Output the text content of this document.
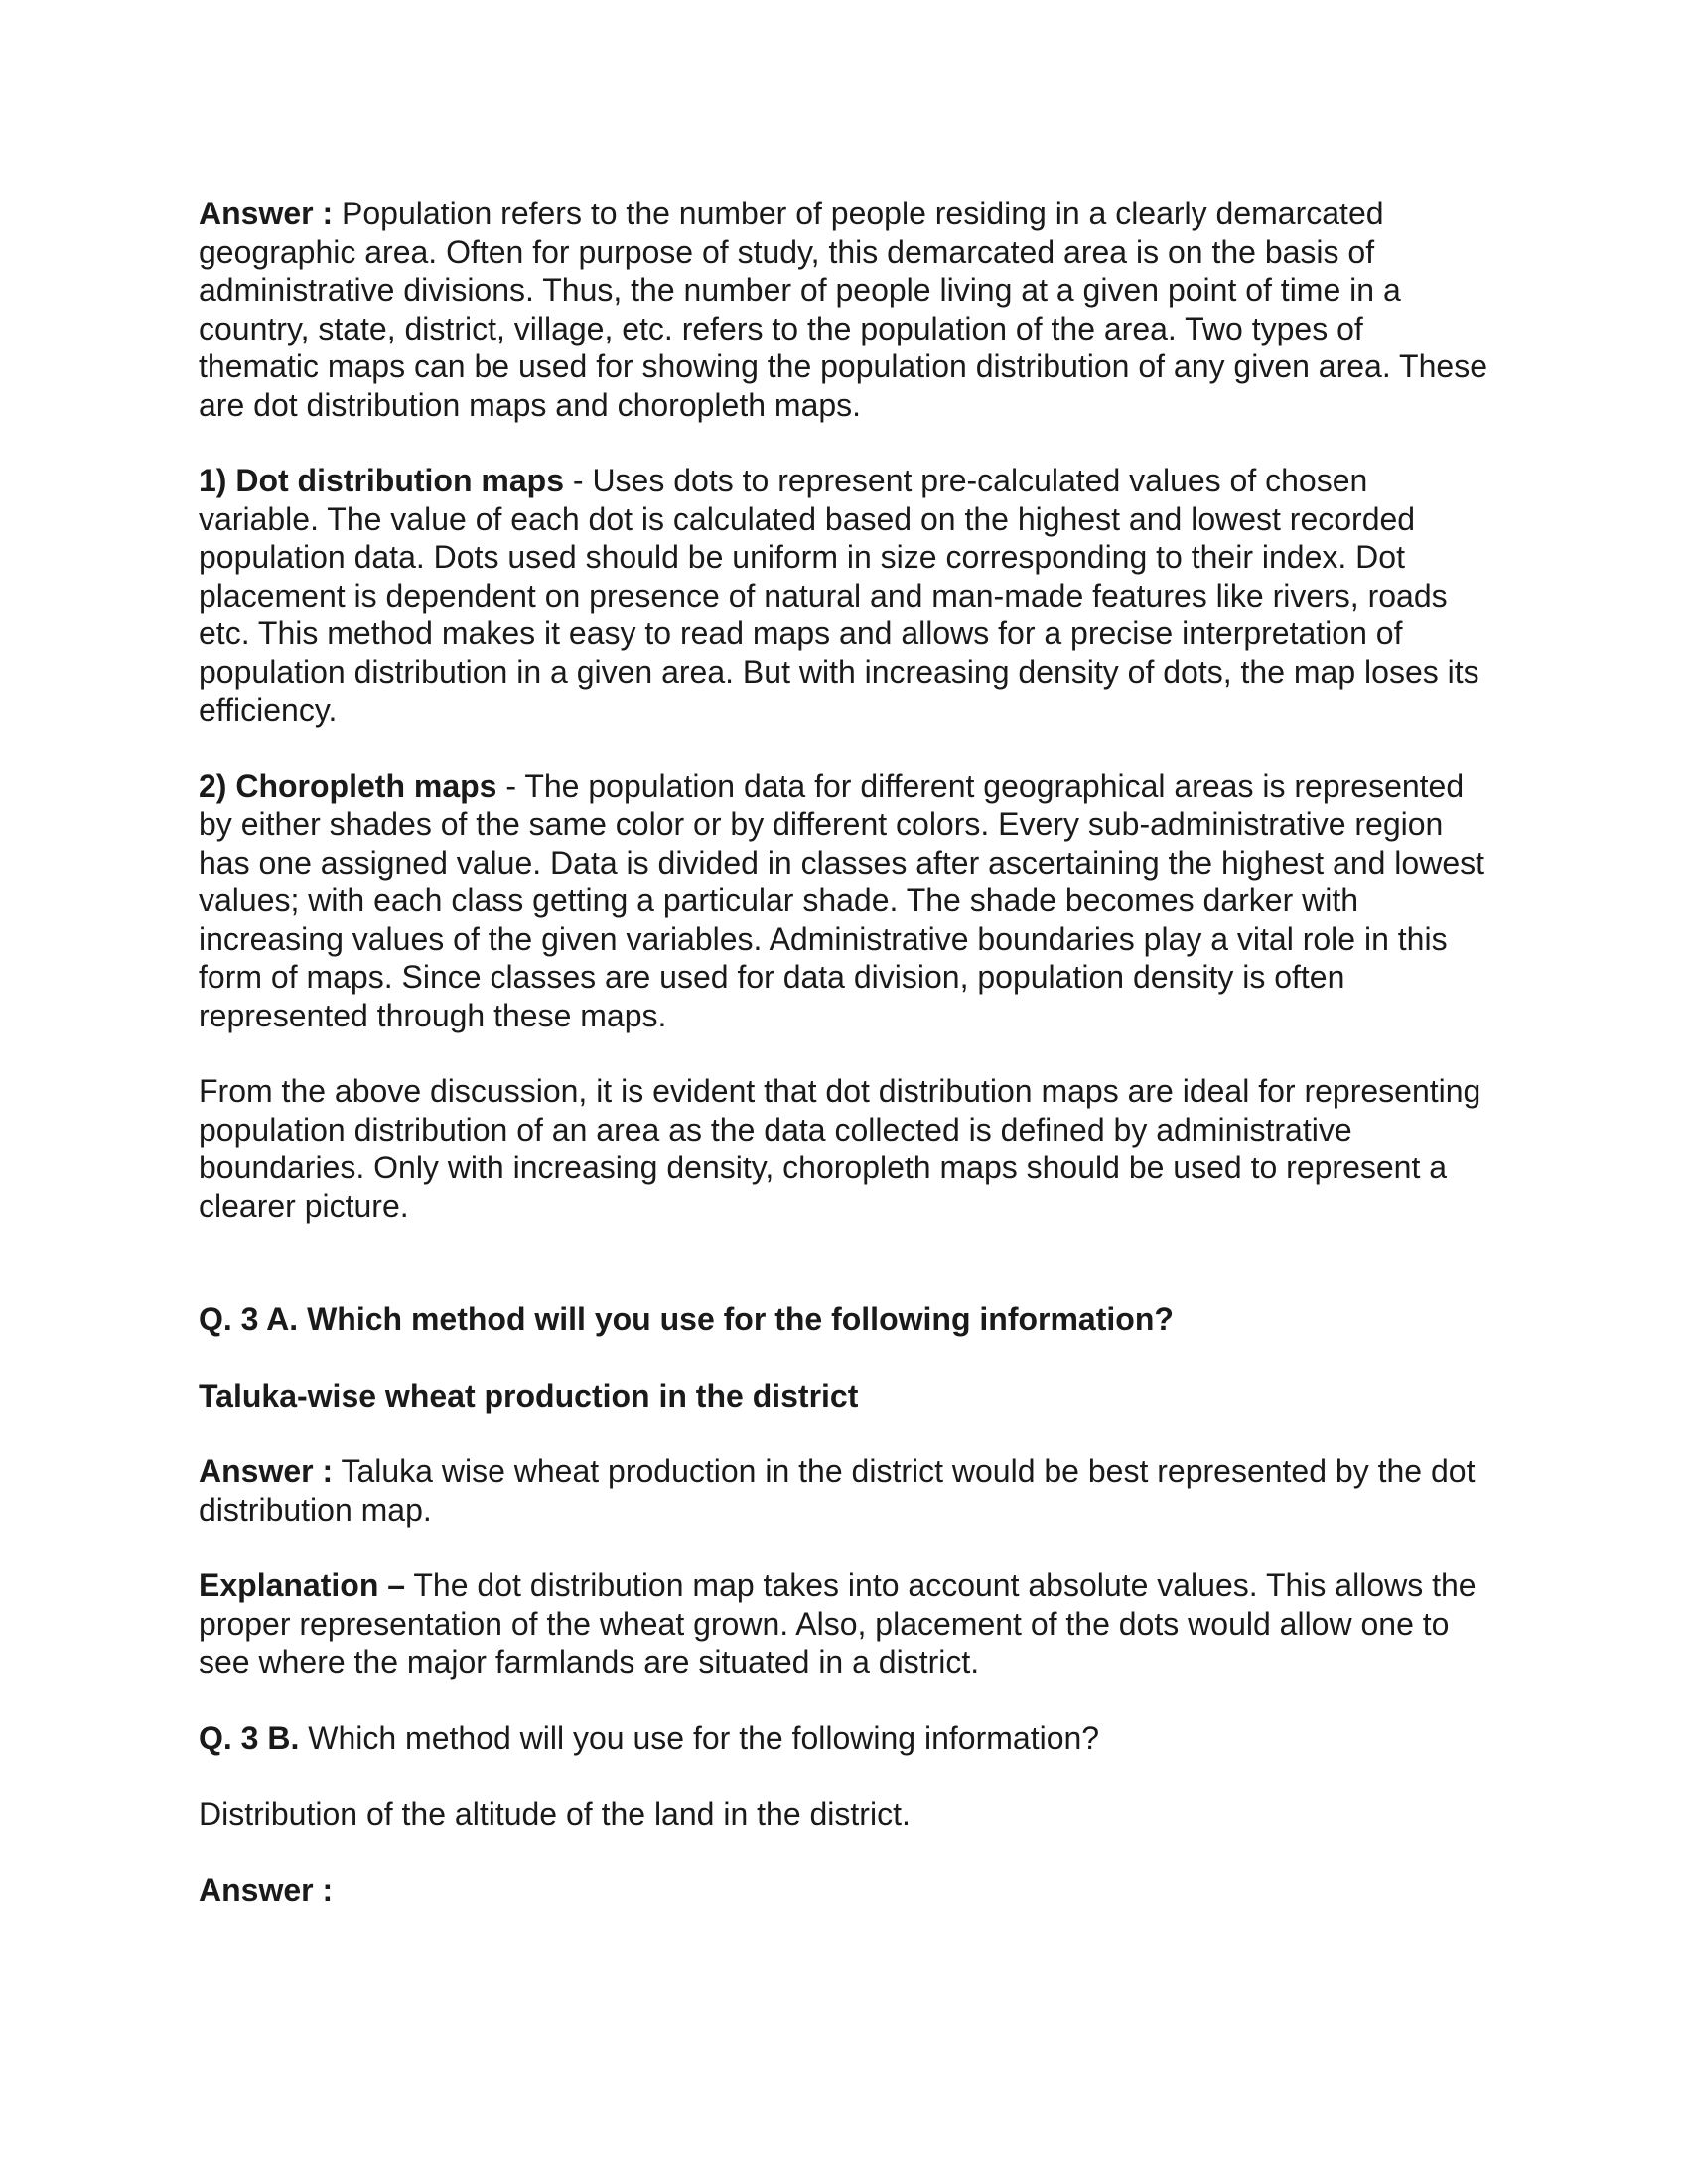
Answer : Population refers to the number of people residing in a clearly demarcated geographic area. Often for purpose of study, this demarcated area is on the basis of administrative divisions. Thus, the number of people living at a given point of time in a country, state, district, village, etc. refers to the population of the area. Two types of thematic maps can be used for showing the population distribution of any given area. These are dot distribution maps and choropleth maps.

1) Dot distribution maps - Uses dots to represent pre-calculated values of chosen variable. The value of each dot is calculated based on the highest and lowest recorded population data. Dots used should be uniform in size corresponding to their index. Dot placement is dependent on presence of natural and man-made features like rivers, roads etc. This method makes it easy to read maps and allows for a precise interpretation of population distribution in a given area. But with increasing density of dots, the map loses its efficiency.

2) Choropleth maps - The population data for different geographical areas is represented by either shades of the same color or by different colors. Every sub-administrative region has one assigned value. Data is divided in classes after ascertaining the highest and lowest values; with each class getting a particular shade. The shade becomes darker with increasing values of the given variables. Administrative boundaries play a vital role in this form of maps. Since classes are used for data division, population density is often represented through these maps.

From the above discussion, it is evident that dot distribution maps are ideal for representing population distribution of an area as the data collected is defined by administrative boundaries. Only with increasing density, choropleth maps should be used to represent a clearer picture.

Q. 3 A. Which method will you use for the following information?

Taluka-wise wheat production in the district

Answer : Taluka wise wheat production in the district would be best represented by the dot distribution map.

Explanation – The dot distribution map takes into account absolute values. This allows the proper representation of the wheat grown. Also, placement of the dots would allow one to see where the major farmlands are situated in a district.

Q. 3 B. Which method will you use for the following information?

Distribution of the altitude of the land in the district.

Answer :
